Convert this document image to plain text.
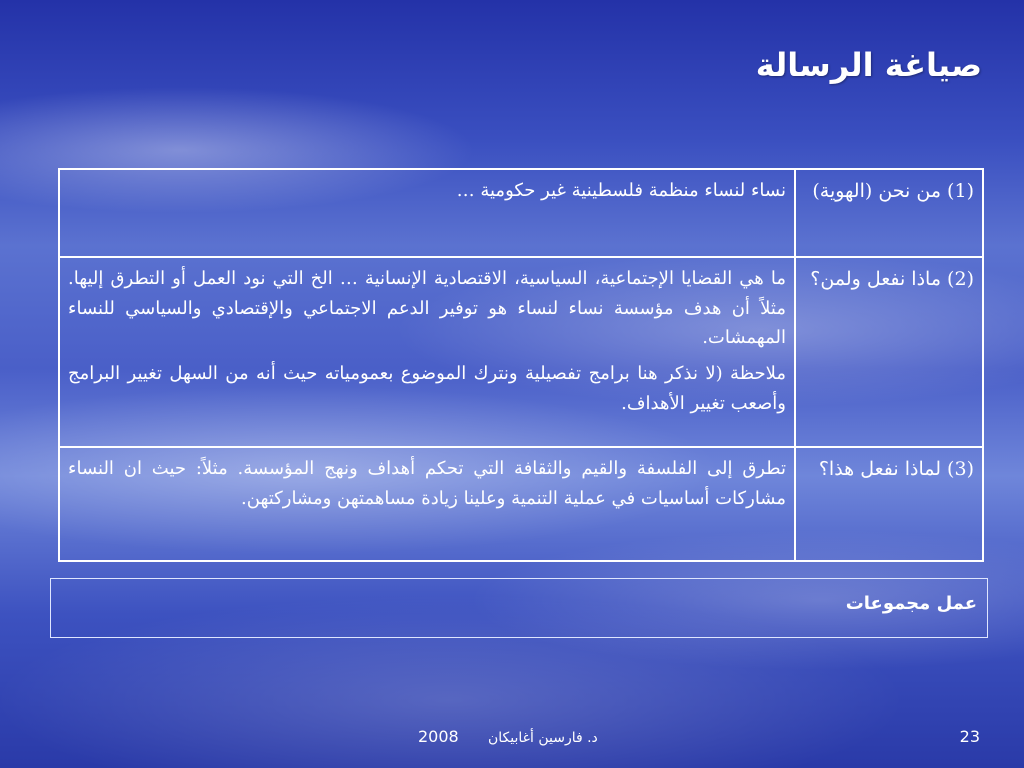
صياغة الرسالة
(1) من نحن (الهوية)	نساء لنساء منظمة فلسطينية غير حكومية …

(2) ماذا نفعل ولمن؟	ما هي القضايا الإجتماعية، السياسية، الاقتصادية الإنسانية … الخ التي نود العمل أو التطرق إليها. مثلاً أن هدف مؤسسة نساء لنساء هو توفير الدعم الاجتماعي والإقتصادي والسياسي للنساء المهمشات.

ملاحظة (لا نذكر هنا برامج تفصيلية ونترك الموضوع بعمومياته حيث أنه من السهل تغيير البرامج وأصعب تغيير الأهداف.

(3) لماذا نفعل هذا؟	تطرق إلى الفلسفة والقيم والثقافة التي تحكم أهداف ونهج المؤسسة. مثلاً: حيث ان النساء مشاركات أساسيات في عملية التنمية وعلينا زيادة مساهمتهن ومشاركتهن.

عمل مجموعات
2008 د. فارسين أغابيكان	23
